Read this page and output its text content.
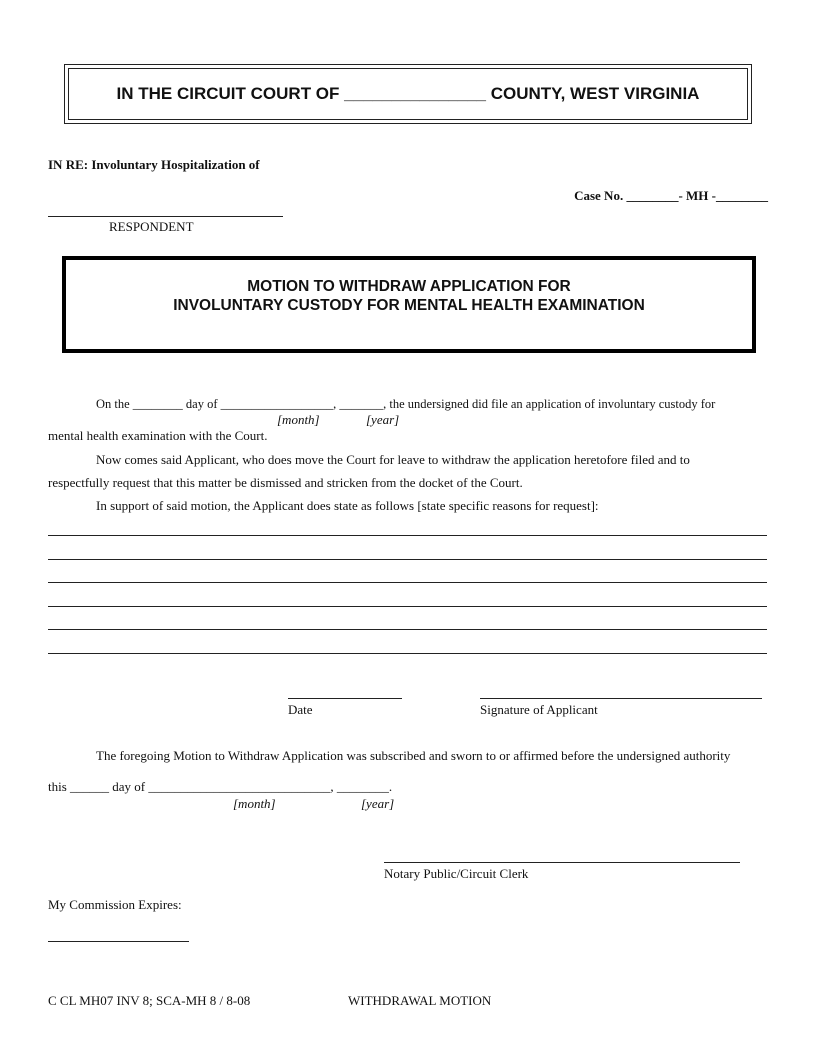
IN THE CIRCUIT COURT OF
_______________
COUNTY, WEST VIRGINIA
IN RE: Involuntary Hospitalization of
Case No. ________- MH -________
RESPONDENT
MOTION TO WITHDRAW APPLICATION FOR
INVOLUNTARY CUSTODY FOR MENTAL HEALTH EXAMINATION
On the ________ day of __________________, _______, the undersigned did file an application of involuntary custody for
[month]	[year]
mental health examination with the Court.
Now comes said Applicant, who does move the Court for leave to withdraw the application heretofore filed and to
respectfully request that this matter be dismissed and stricken from the docket of the Court.
In support of said motion, the Applicant does state as follows [state specific reasons for request]:
Date	Signature of Applicant
The foregoing Motion to Withdraw Application was subscribed and sworn to or affirmed before the undersigned authority
this ______ day of ____________________________, ________.
[month]	[year]
Notary Public/Circuit Clerk
My Commission Expires:
C CL MH07 INV 8; SCA-MH 8 / 8-08	WITHDRAWAL MOTION
